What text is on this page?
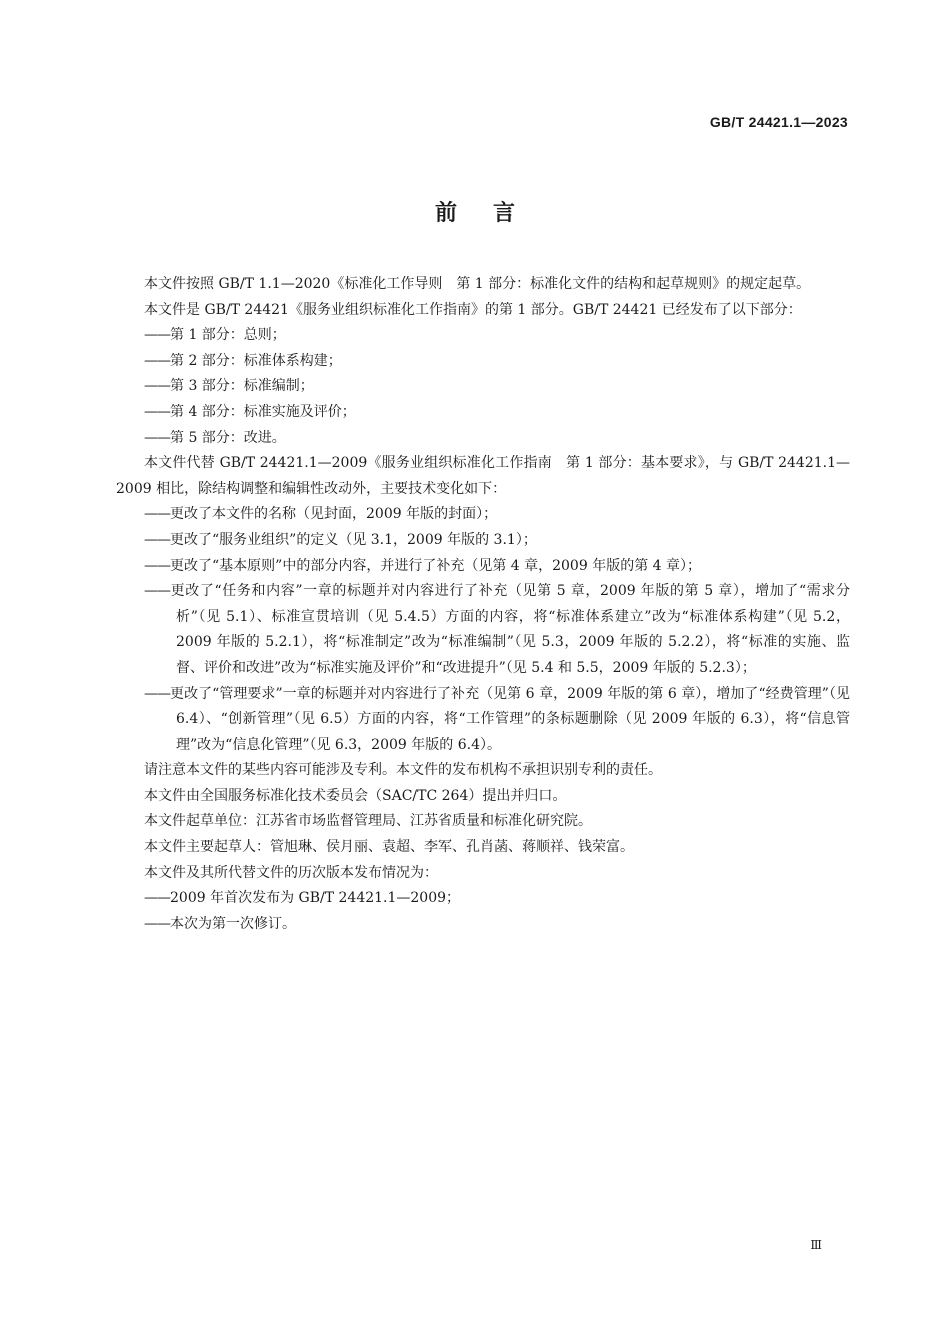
GB/T 24421.1—2023
前言

本文件按照 GB/T 1.1—2020《标准化工作导则　第 1 部分：标准化文件的结构和起草规则》的规定起草。

本文件是 GB/T 24421《服务业组织标准化工作指南》的第 1 部分。GB/T 24421 已经发布了以下部分：

——第 1 部分：总则；

——第 2 部分：标准体系构建；

——第 3 部分：标准编制；

——第 4 部分：标准实施及评价；

——第 5 部分：改进。

本文件代替 GB/T 24421.1—2009《服务业组织标准化工作指南　第 1 部分：基本要求》，与 GB/T 24421.1—2009 相比，除结构调整和编辑性改动外，主要技术变化如下：

——更改了本文件的名称（见封面，2009 年版的封面）；

——更改了“服务业组织”的定义（见 3.1，2009 年版的 3.1）；

——更改了“基本原则”中的部分内容，并进行了补充（见第 4 章，2009 年版的第 4 章）；

——更改了“任务和内容”一章的标题并对内容进行了补充（见第 5 章，2009 年版的第 5 章），增加了“需求分析”（见 5.1）、标准宣贯培训（见 5.4.5）方面的内容，将“标准体系建立”改为“标准体系构建”（见 5.2，2009 年版的 5.2.1），将“标准制定”改为“标准编制”（见 5.3，2009 年版的 5.2.2），将“标准的实施、监督、评价和改进”改为“标准实施及评价”和“改进提升”（见 5.4 和 5.5，2009 年版的 5.2.3）；

——更改了“管理要求”一章的标题并对内容进行了补充（见第 6 章，2009 年版的第 6 章），增加了“经费管理”（见 6.4）、“创新管理”（见 6.5）方面的内容，将“工作管理”的条标题删除（见 2009 年版的 6.3），将“信息管理”改为“信息化管理”（见 6.3，2009 年版的 6.4）。

请注意本文件的某些内容可能涉及专利。本文件的发布机构不承担识别专利的责任。

本文件由全国服务标准化技术委员会（SAC/TC 264）提出并归口。

本文件起草单位：江苏省市场监督管理局、江苏省质量和标准化研究院。

本文件主要起草人：管旭琳、侯月丽、袁超、李军、孔肖菡、蒋顺祥、钱荣富。

本文件及其所代替文件的历次版本发布情况为：

——2009 年首次发布为 GB/T 24421.1—2009；

——本次为第一次修订。

Ⅲ
